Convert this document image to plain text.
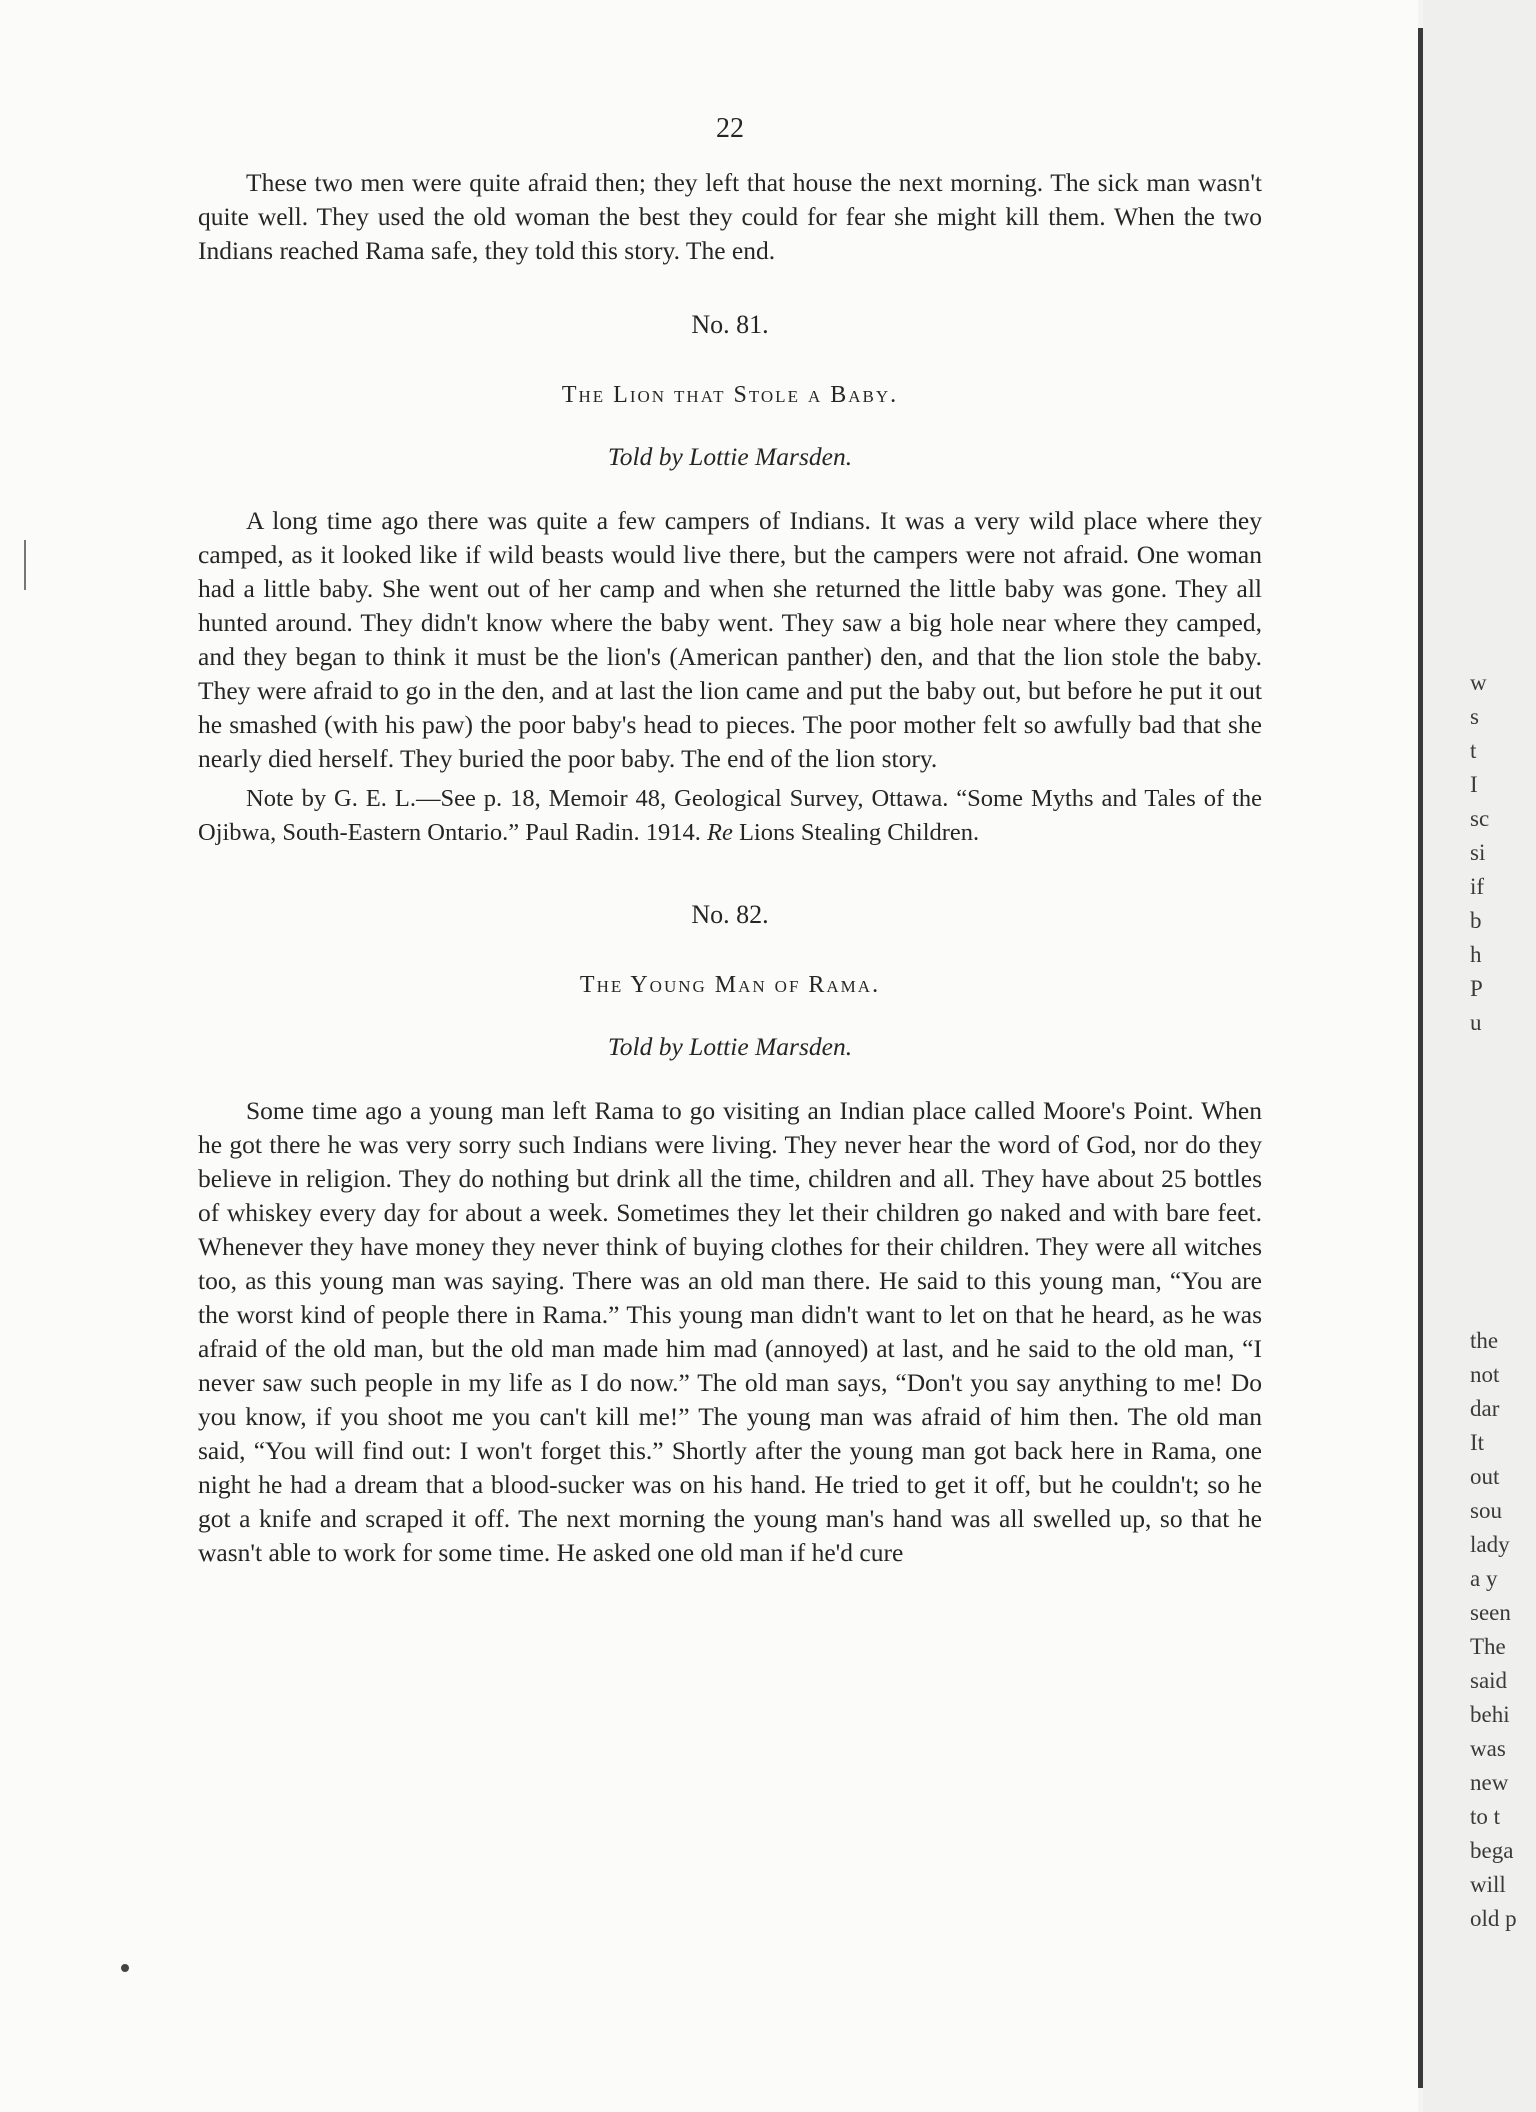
22

These two men were quite afraid then; they left that house the next morning. The sick man wasn't quite well. They used the old woman the best they could for fear she might kill them. When the two Indians reached Rama safe, they told this story. The end.

No. 81.

The Lion that Stole a Baby.

Told by Lottie Marsden.

A long time ago there was quite a few campers of Indians. It was a very wild place where they camped, as it looked like if wild beasts would live there, but the campers were not afraid. One woman had a little baby. She went out of her camp and when she returned the little baby was gone. They all hunted around. They didn't know where the baby went. They saw a big hole near where they camped, and they began to think it must be the lion's (American panther) den, and that the lion stole the baby. They were afraid to go in the den, and at last the lion came and put the baby out, but before he put it out he smashed (with his paw) the poor baby's head to pieces. The poor mother felt so awfully bad that she nearly died herself. They buried the poor baby. The end of the lion story.

Note by G. E. L.—See p. 18, Memoir 48, Geological Survey, Ottawa. “Some Myths and Tales of the Ojibwa, South-Eastern Ontario.” Paul Radin. 1914. Re Lions Stealing Children.

No. 82.

The Young Man of Rama.

Told by Lottie Marsden.

Some time ago a young man left Rama to go visiting an Indian place called Moore's Point. When he got there he was very sorry such Indians were living. They never hear the word of God, nor do they believe in religion. They do nothing but drink all the time, children and all. They have about 25 bottles of whiskey every day for about a week. Sometimes they let their children go naked and with bare feet. Whenever they have money they never think of buying clothes for their children. They were all witches too, as this young man was saying. There was an old man there. He said to this young man, “You are the worst kind of people there in Rama.” This young man didn't want to let on that he heard, as he was afraid of the old man, but the old man made him mad (annoyed) at last, and he said to the old man, “I never saw such people in my life as I do now.” The old man says, “Don't you say anything to me! Do you know, if you shoot me you can't kill me!” The young man was afraid of him then. The old man said, “You will find out: I won't forget this.” Shortly after the young man got back here in Rama, one night he had a dream that a blood-sucker was on his hand. He tried to get it off, but he couldn't; so he got a knife and scraped it off. The next morning the young man's hand was all swelled up, so that he wasn't able to work for some time. He asked one old man if he'd cure

w
s
t
I
sc
si
if
b
h
P
u
the
not
dar
It
out
sou
lady
a y
seen
The
said
behi
was
new
to t
bega
will
old p
